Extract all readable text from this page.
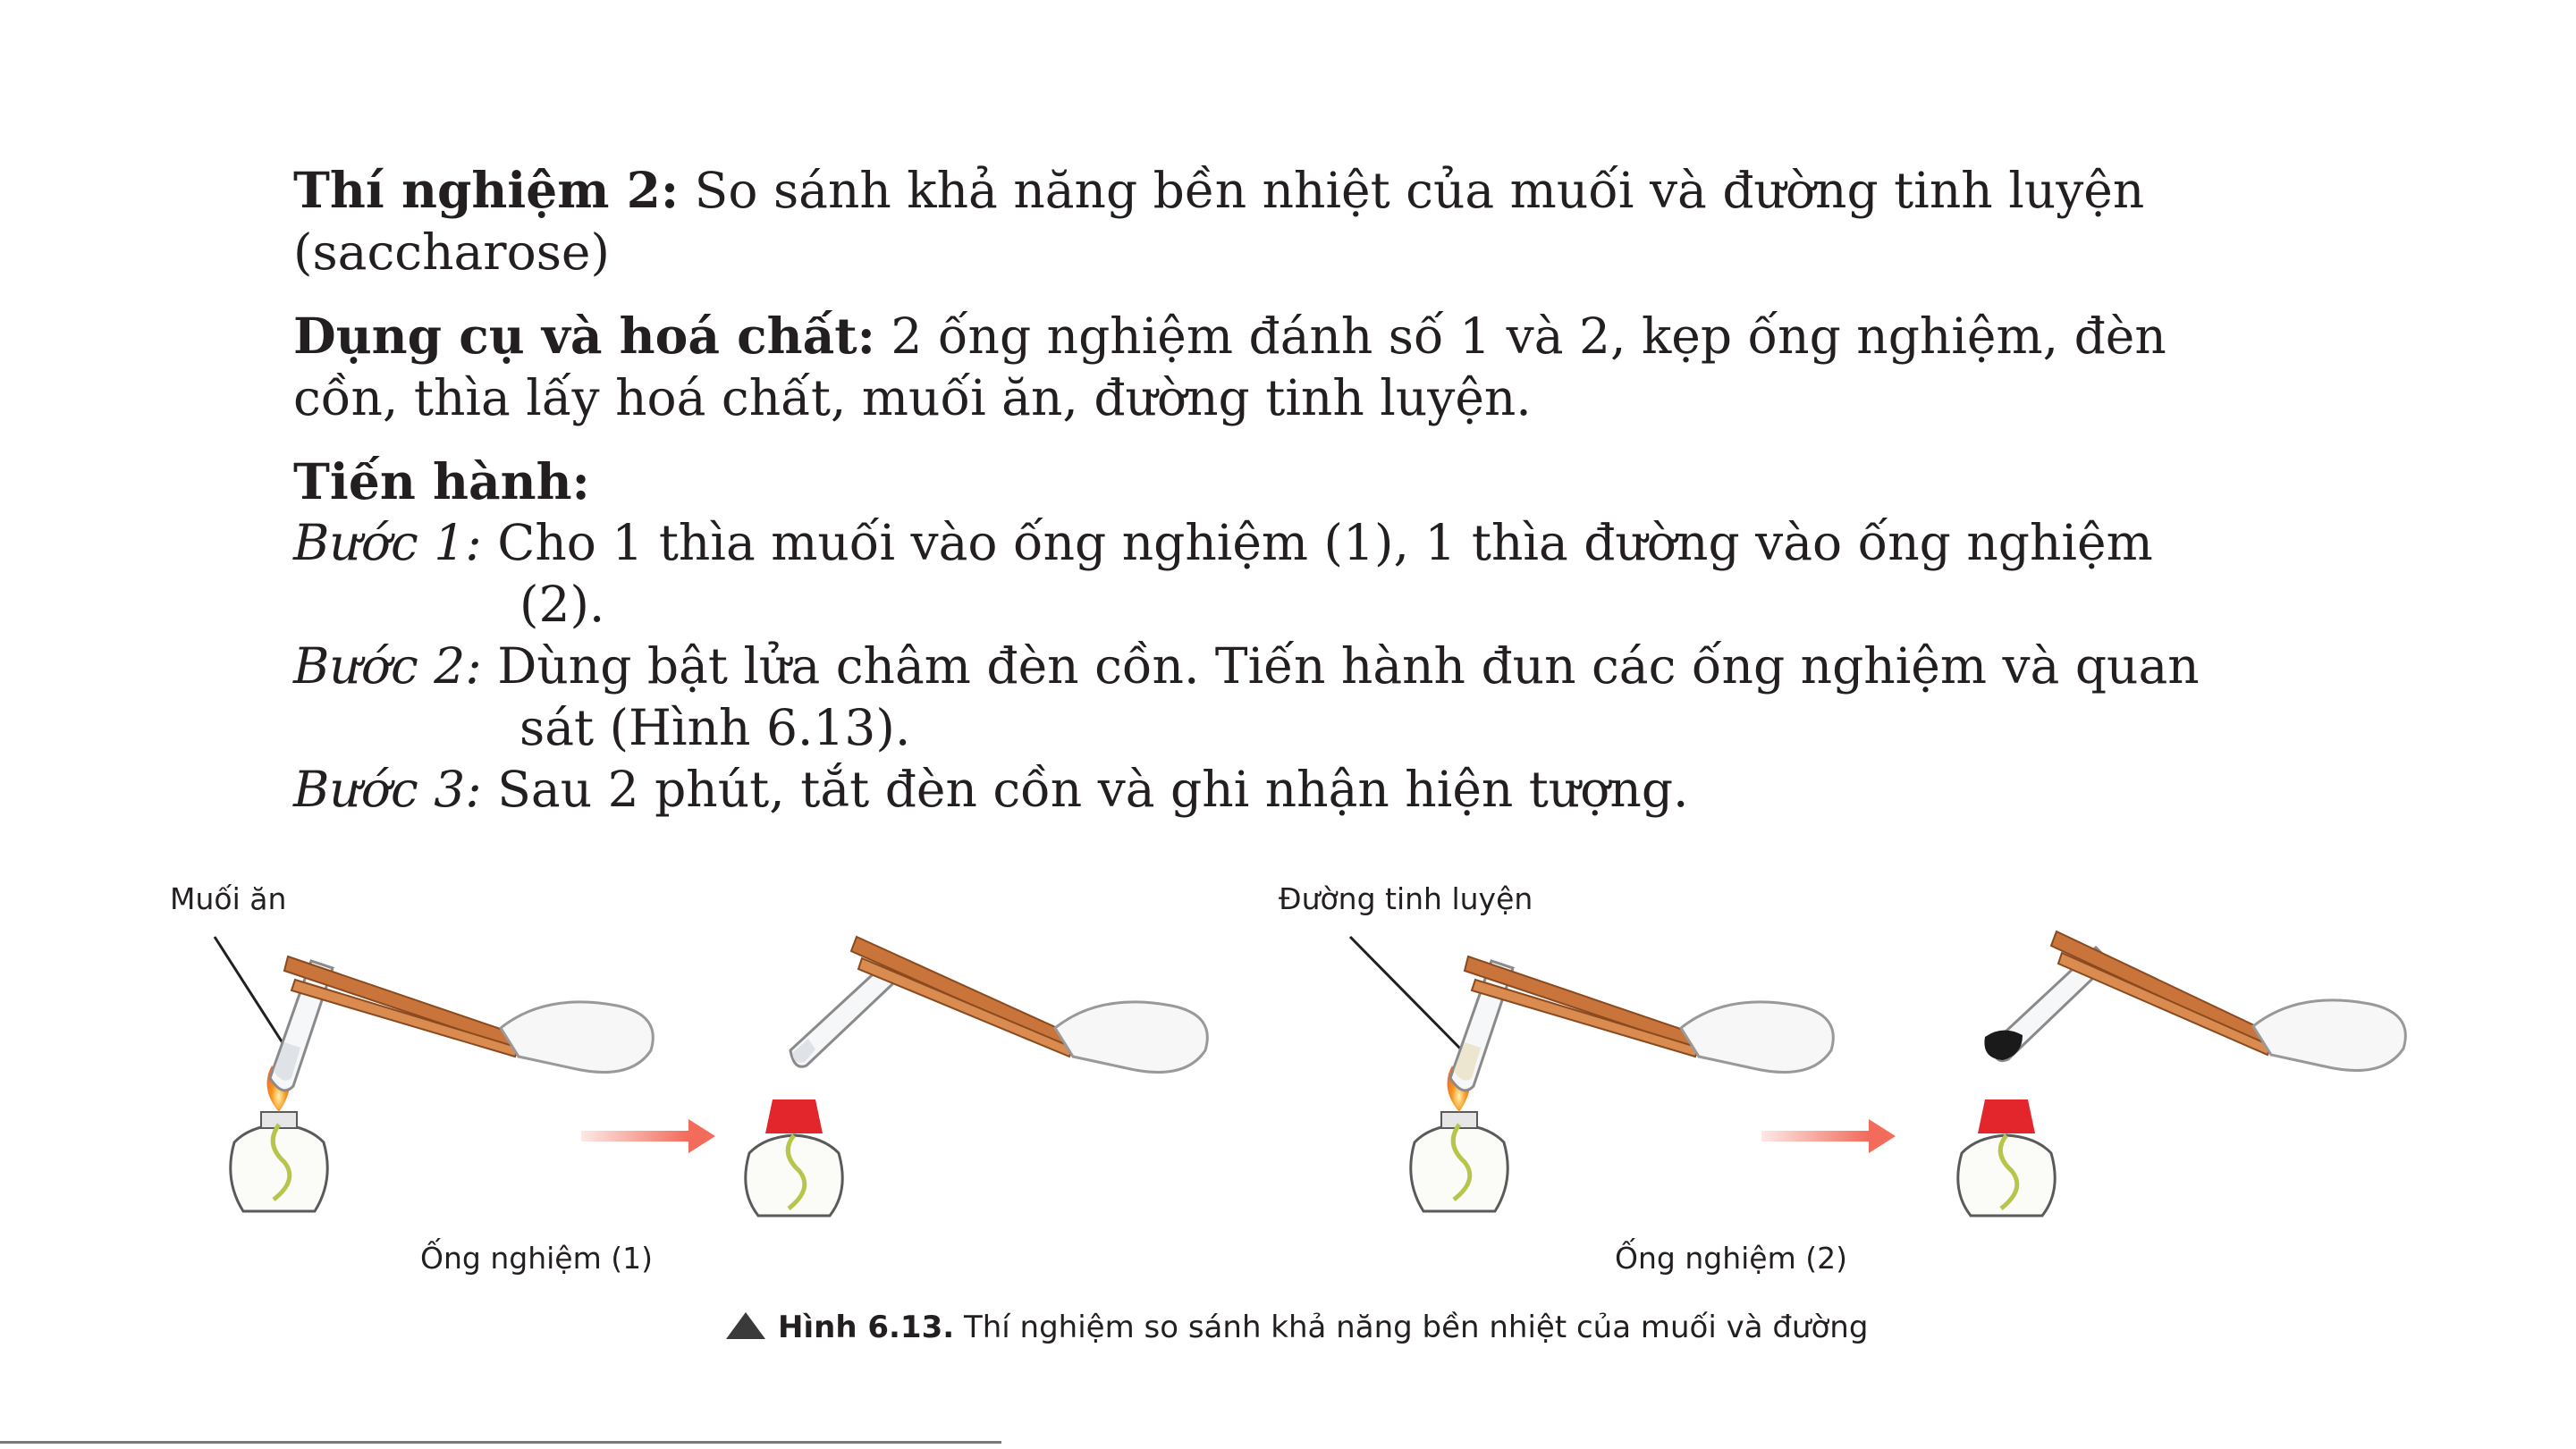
Thí nghiệm 2: So sánh khả năng bền nhiệt của muối và đường tinh luyện (saccharose)
Dụng cụ và hoá chất: 2 ống nghiệm đánh số 1 và 2, kẹp ống nghiệm, đèn cồn, thìa lấy hoá chất, muối ăn, đường tinh luyện.
Tiến hành:
Bước 1: Cho 1 thìa muối vào ống nghiệm (1), 1 thìa đường vào ống nghiệm (2).
Bước 2: Dùng bật lửa châm đèn cồn. Tiến hành đun các ống nghiệm và quan sát (Hình 6.13).
Bước 3: Sau 2 phút, tắt đèn cồn và ghi nhận hiện tượng.
Muối ăn	Đường tinh luyện
Ống nghiệm (1)	Ống nghiệm (2)
Hình 6.13. Thí nghiệm so sánh khả năng bền nhiệt của muối và đường
